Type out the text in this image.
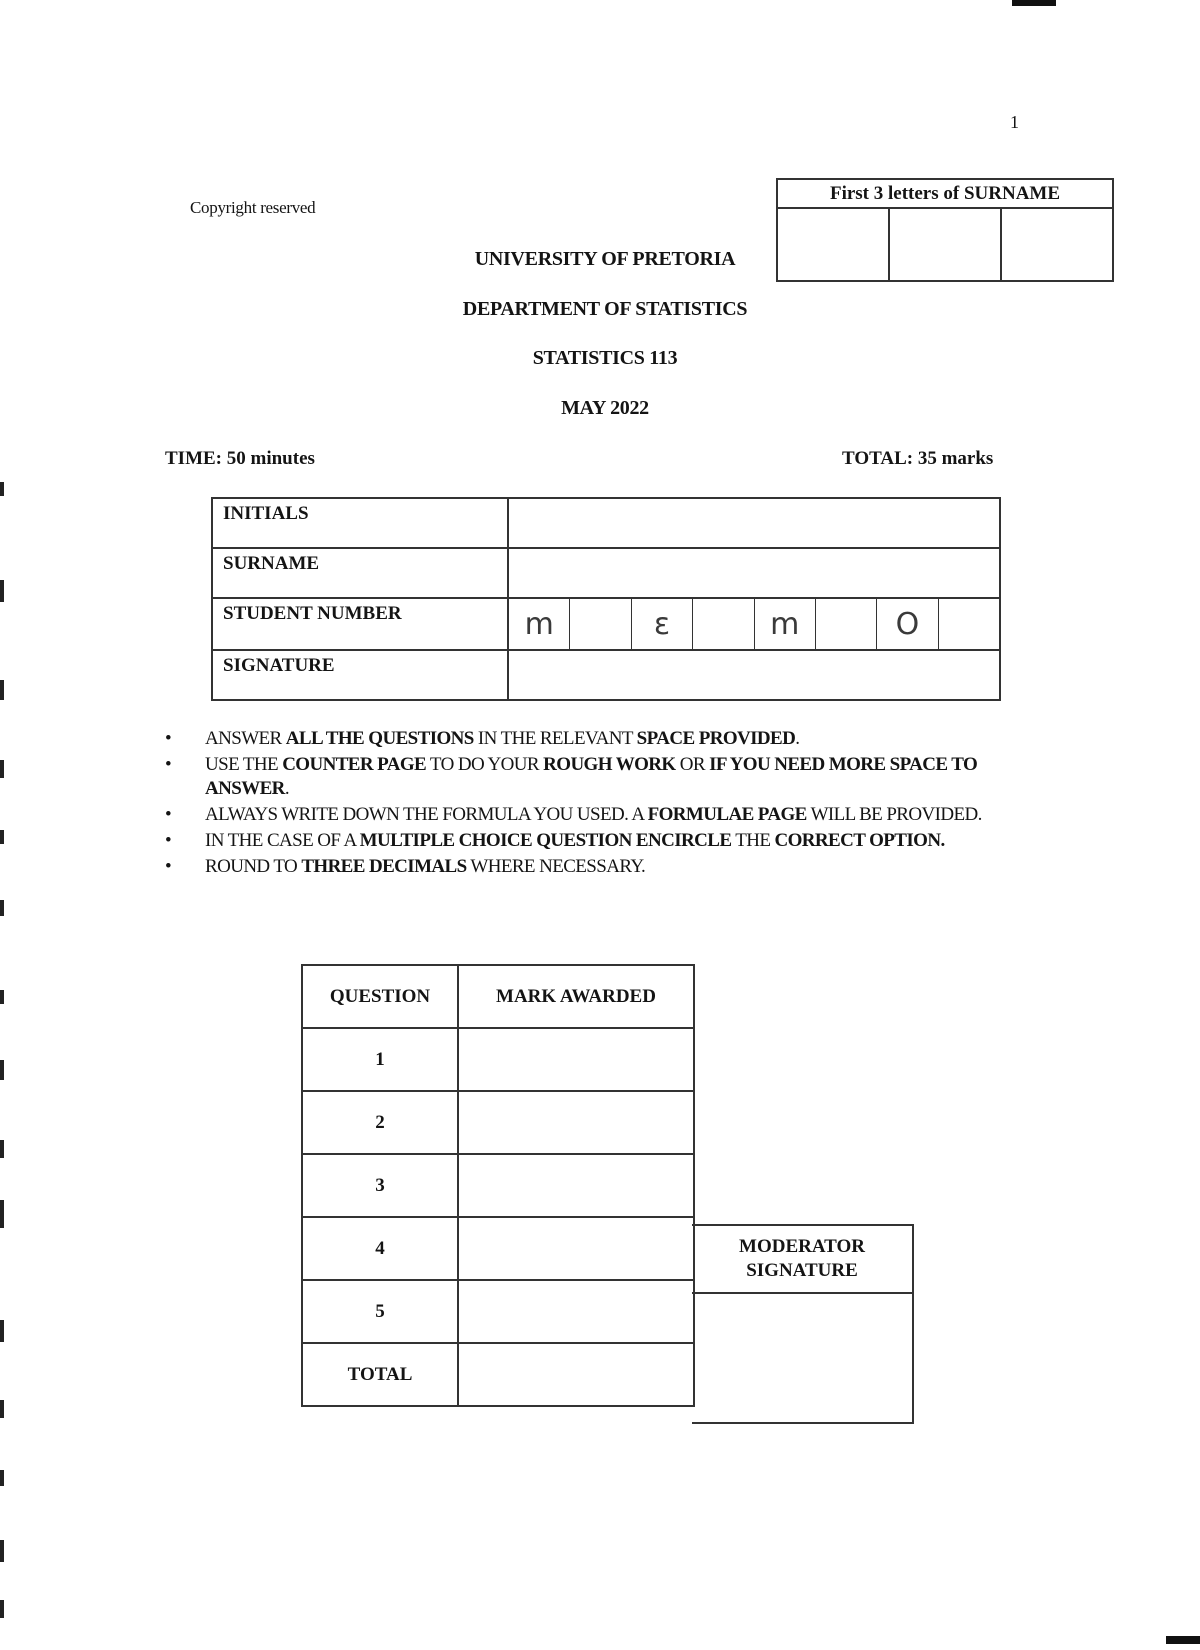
1
Copyright reserved
First 3 letters of SURNAME
UNIVERSITY OF PRETORIA
DEPARTMENT OF STATISTICS
STATISTICS 113
MAY 2022
TIME: 50 minutes	TOTAL: 35 marks
INITIALS	
SURNAME	
STUDENT NUMBER	m ε m O

SIGNATURE	
• ANSWER ALL THE QUESTIONS IN THE RELEVANT SPACE PROVIDED.
• USE THE COUNTER PAGE TO DO YOUR ROUGH WORK OR IF YOU NEED MORE SPACE TO ANSWER.
• ALWAYS WRITE DOWN THE FORMULA YOU USED. A FORMULAE PAGE WILL BE PROVIDED.
• IN THE CASE OF A MULTIPLE CHOICE QUESTION ENCIRCLE THE CORRECT OPTION.
• ROUND TO THREE DECIMALS WHERE NECESSARY.
QUESTION	MARK AWARDED
1	
2	
3	
4	
5	
TOTAL	
MODERATOR SIGNATURE
